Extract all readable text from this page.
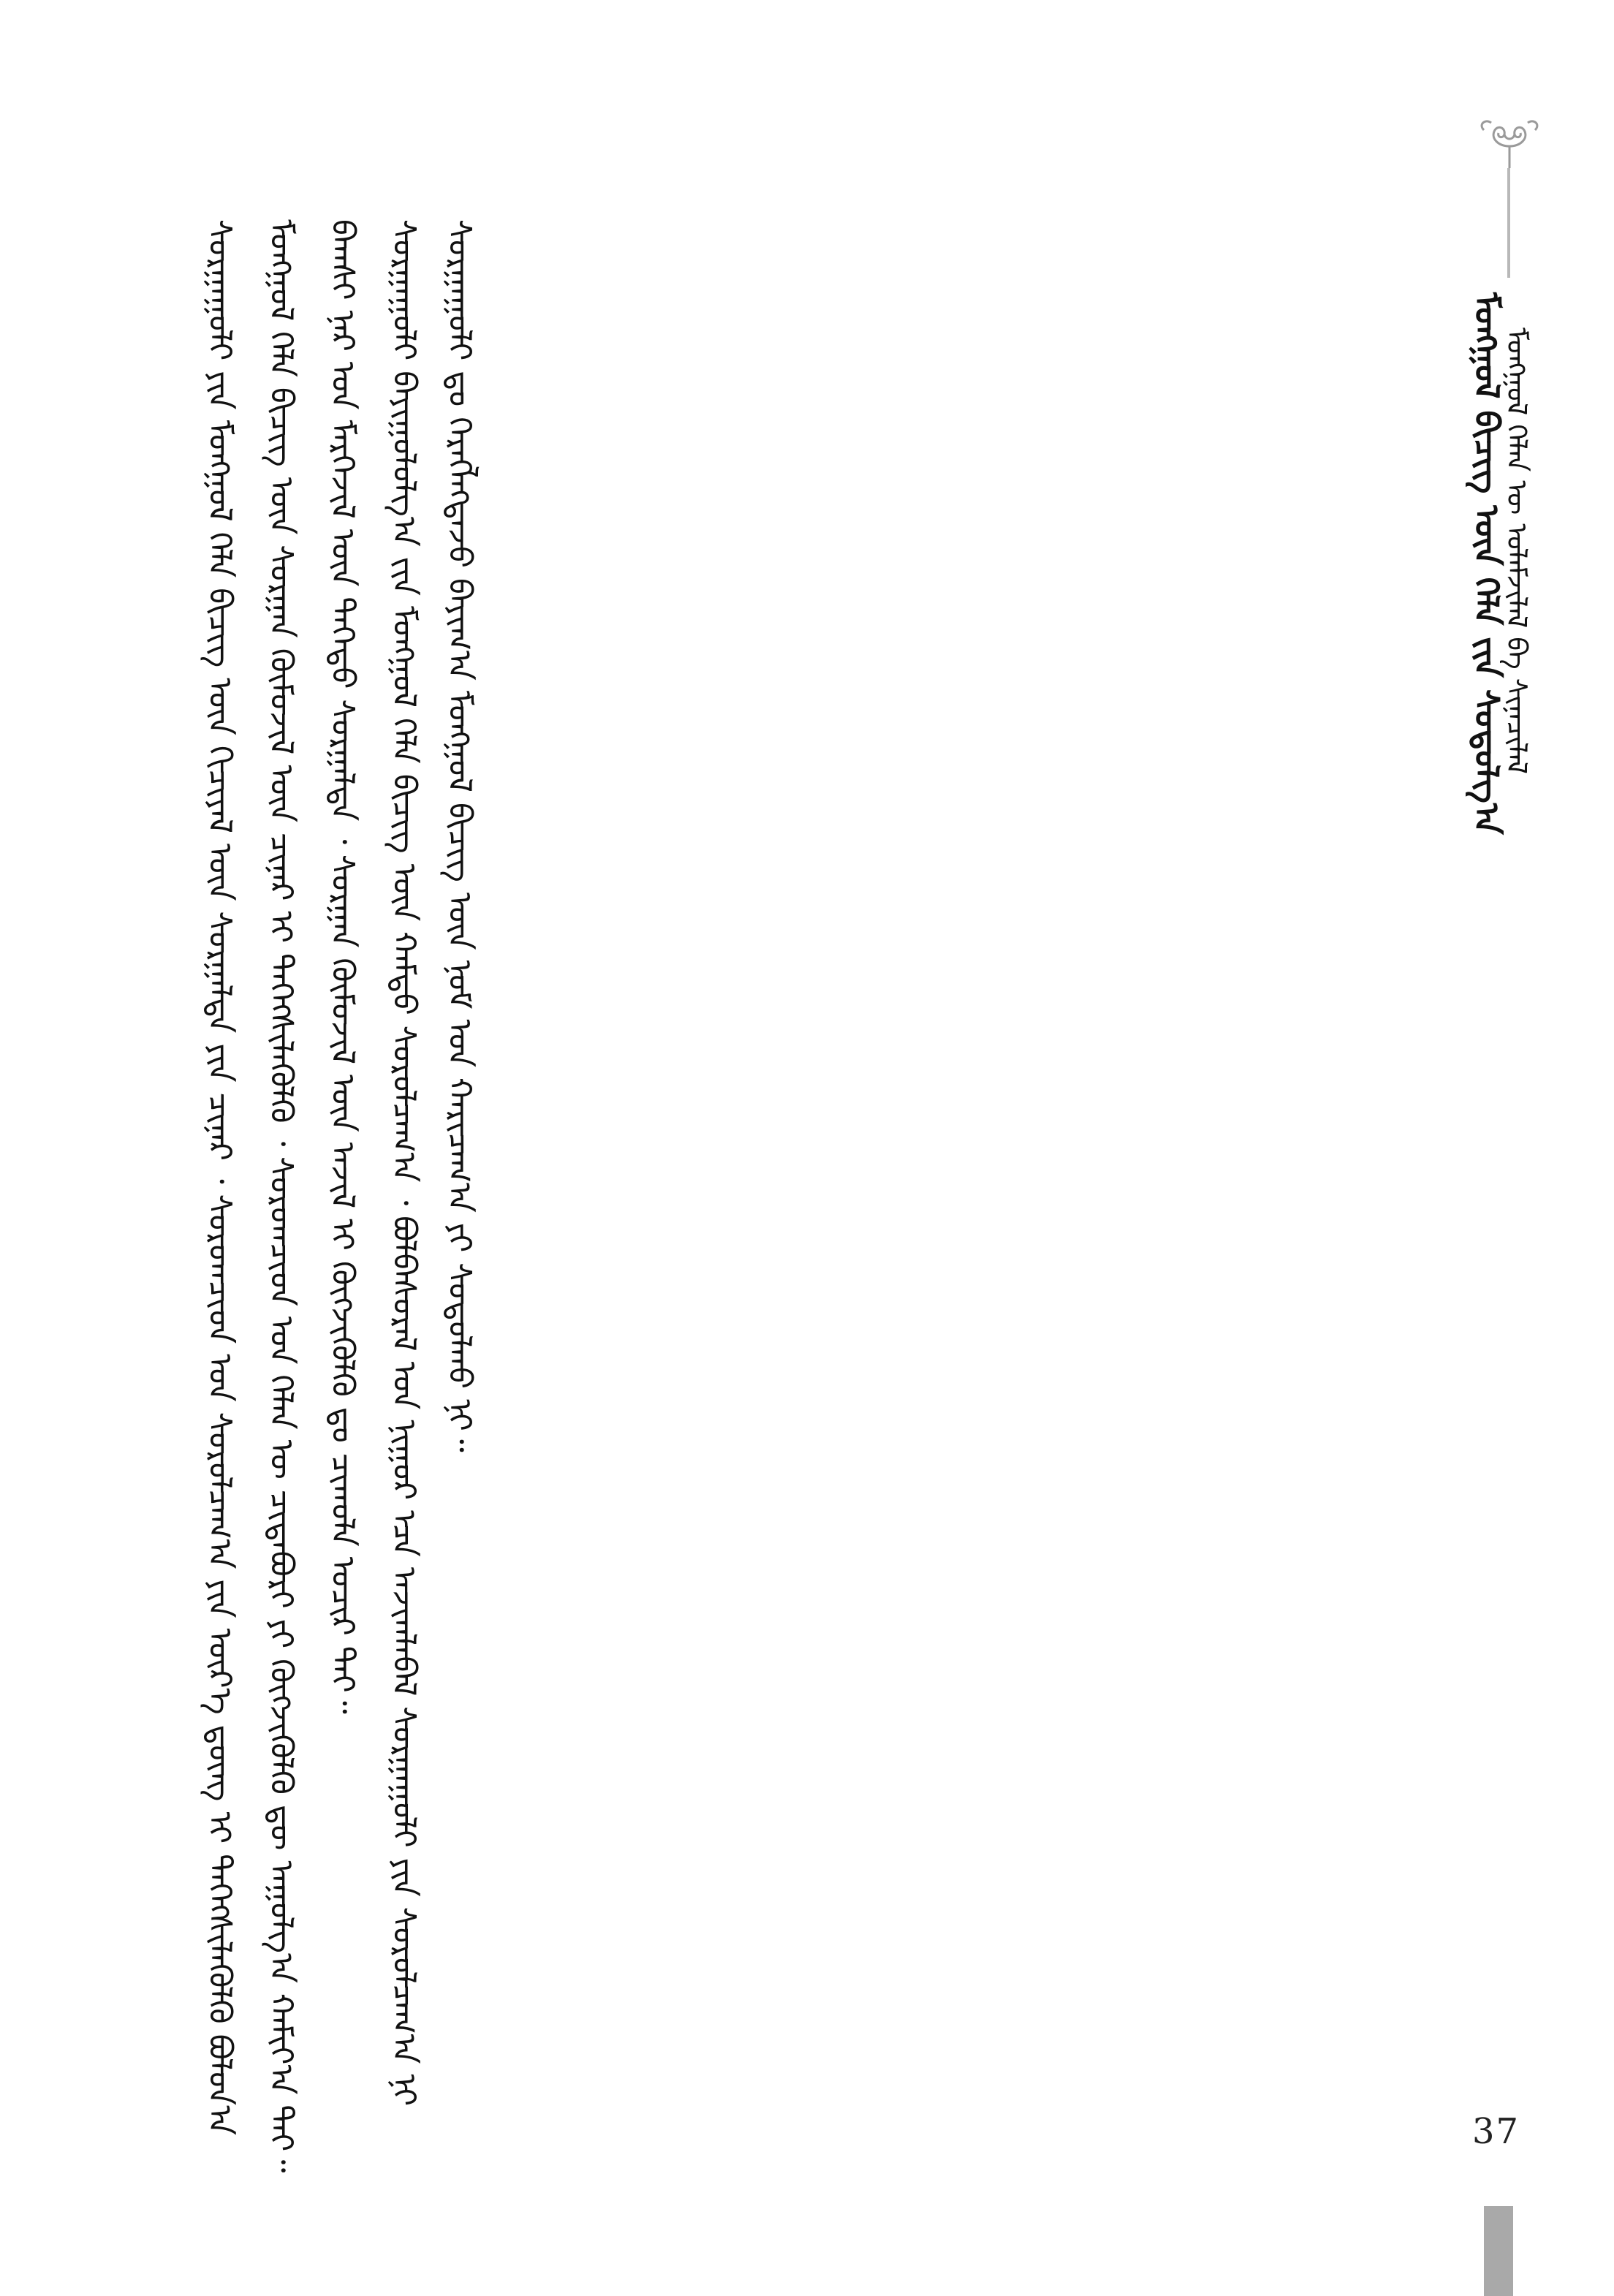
ᠮᠣᠩᠭᠣᠯ ᠪᠢᠴᠢᠭ ᠦᠨ ᠬᠡᠯᠡ ᠵᠢᠨ ᠰᠤᠳᠤᠯᠭ᠎ᠠ
ᠮᠣᠩᠭᠣᠯ ᠬᠡᠯᠡᠨ ᠦ ᠤᠯᠠᠮᠵᠢᠯᠠᠯ ᠪᠠ ᠰᠢᠨᠡᠴᠢᠯᠡᠯ
ᠰᠤᠷᠭᠠᠭᠤᠯᠢ ᠳᠤ ᠬᠡᠷᠡᠭᠯᠡᠭᠳᠡᠵᠦ ᠪᠠᠶᠢᠭ᠎ᠠ ᠮᠣᠩᠭᠣᠯ ᠪᠢᠴᠢᠭ ᠦᠨ ᠨᠣᠮ ᠤᠨ ᠬᠠᠷᠢᠴᠠᠭ᠎ᠠ ᠶᠢ ᠰᠤᠳᠤᠯᠬᠤ ᠨᠢ᠃
ᠰᠤᠷᠭᠠᠭᠤᠯᠢ ᠪᠠᠶᠢᠭᠤᠯᠤᠯᠭ᠎ᠠ ᠵᠢᠨ ᠮᠣᠩᠭᠣᠯ ᠬᠡᠯᠡ ᠪᠢᠴᠢᠭ ᠦᠨ ᠬᠠᠮᠲᠤ ᠰᠤᠷᠤᠯᠴᠠᠭ᠎ᠠ ᠂ ᠪᠣᠯᠪᠠᠰᠤᠷᠠᠯ ᠤᠨ ᠨᠢᠭᠤᠷ ᠡᠴᠡ ᠠᠵᠢᠭᠯᠠᠪᠠᠯ ᠰᠤᠷᠭᠠᠭᠤᠯᠢ ᠶᠢᠨ ᠰᠤᠷᠤᠯᠴᠠᠭ᠎ᠠ ᠨᠢ
ᠪᠠᠭᠰᠢ ᠨᠠᠷ ᠤᠨ ᠮᠡᠷᠭᠡᠵᠢᠯ ᠦᠨ ᠳᠡᠭᠡᠳᠦ ᠰᠤᠷᠭᠠᠯᠲᠠ ᠂ ᠰᠤᠷᠭᠠᠨ ᠬᠦᠮᠦᠵᠢᠯ ᠦᠨ ᠠᠵᠢᠯ ᠢ ᠬᠥᠭᠵᠢᠭᠦᠯᠬᠦ ᠳᠤ ᠴᠢᠬᠤᠯᠠ ᠤᠴᠢᠷ ᠲᠠᠢ᠃
ᠮᠣᠩᠭᠣᠯ ᠬᠡᠯᠡ ᠪᠢᠴᠢᠭ ᠦᠨ ᠰᠤᠷᠭᠠᠨ ᠬᠦᠮᠦᠵᠢᠯ ᠦᠨ ᠴᠢᠨᠠᠷ ᠢ ᠳᠡᠭᠡᠭᠰᠢᠯᠡᠭᠦᠯᠬᠦ ᠂ ᠰᠤᠷᠤᠭᠴᠢᠳ ᠤᠨ ᠬᠡᠯᠡᠨ ᠦ ᠴᠢᠳᠠᠪᠤᠷᠢ ᠶᠢ ᠬᠥᠭᠵᠢᠭᠦᠯᠬᠦ ᠳᠦ ᠠᠭᠤᠯᠭ᠎ᠠ ᠬᠠᠮᠢᠶ᠎ᠠ ᠲᠠᠢ᠃
ᠰᠤᠷᠭᠠᠭᠤᠯᠢ ᠶᠢᠨ ᠮᠣᠩᠭᠣᠯ ᠬᠡᠯᠡ ᠪᠢᠴᠢᠭ ᠦᠨ ᠬᠢᠴᠢᠶᠡᠯ ᠦᠨ ᠰᠤᠷᠭᠠᠯᠲᠠ ᠶᠢᠨ ᠴᠢᠨᠠᠷ ᠂ ᠰᠤᠷᠤᠭᠴᠢᠳ ᠤᠨ ᠰᠤᠷᠤᠯᠴᠠᠭ᠎ᠠ ᠶᠢᠨ ᠦᠷ᠎ᠡ ᠳ᠋ᠦᠩ ᠢ ᠳᠡᠭᠡᠭᠰᠢᠯᠡᠭᠦᠯᠬᠦ ᠪᠣᠯᠤᠨ᠎ᠠ	37
